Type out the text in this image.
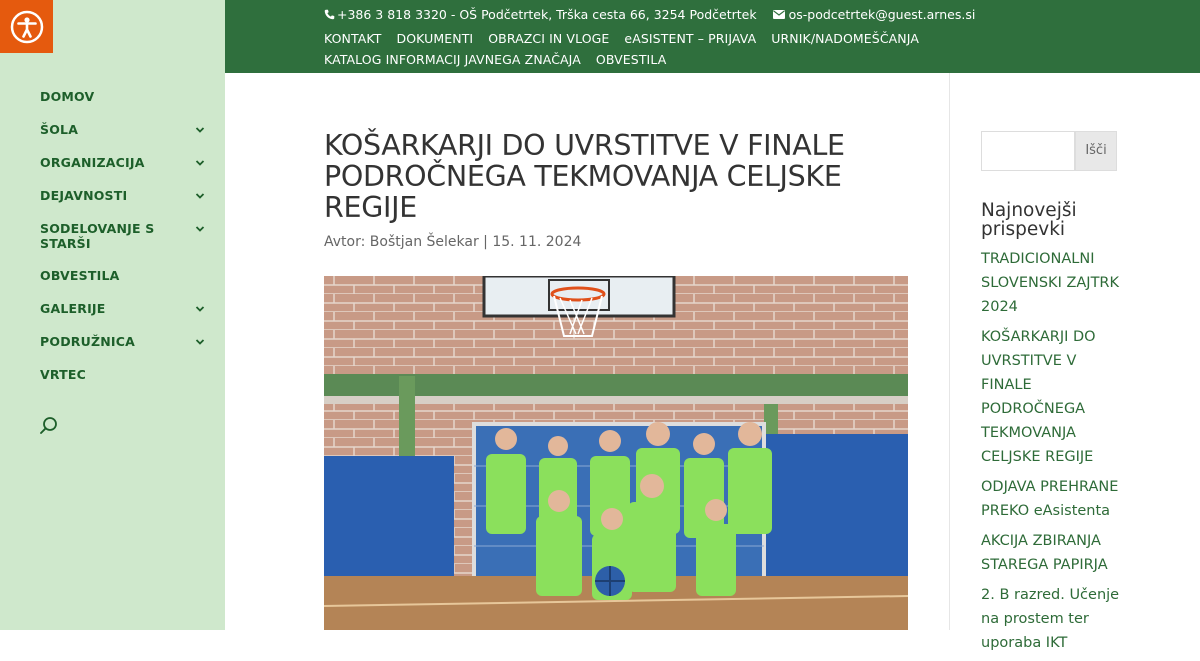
DOMOV
ŠOLA
ORGANIZACIJA
DEJAVNOSTI
SODELOVANJE S STARŠI
OBVESTILA
GALERIJE
PODRUŽNICA
VRTEC
+386 3 818 3320 - OŠ Podčetrtek, Trška cesta 66, 3254 Podčetrtek	os-podcetrtek@guest.arnes.si
KONTAKT DOKUMENTI OBRAZCI IN VLOGE eASISTENT – PRIJAVA URNIK/NADOMEŠČANJAKATALOG INFORMACIJ JAVNEGA ZNAČAJA OBVESTILA
KOŠARKARJI DO UVRSTITVE V FINALE PODROČNEGA TEKMOVANJA CELJSKE REGIJE
Avtor: Boštjan Šelekar | 15. 11. 2024
Išči
Najnovejši prispevki
TRADICIONALNI SLOVENSKI ZAJTRK 2024
KOŠARKARJI DO UVRSTITVE V FINALE PODROČNEGA TEKMOVANJA CELJSKE REGIJE
ODJAVA PREHRANE PREKO eAsistenta
AKCIJA ZBIRANJA STAREGA PAPIRJA
2. B razred. Učenje na prostem ter uporaba IKT
